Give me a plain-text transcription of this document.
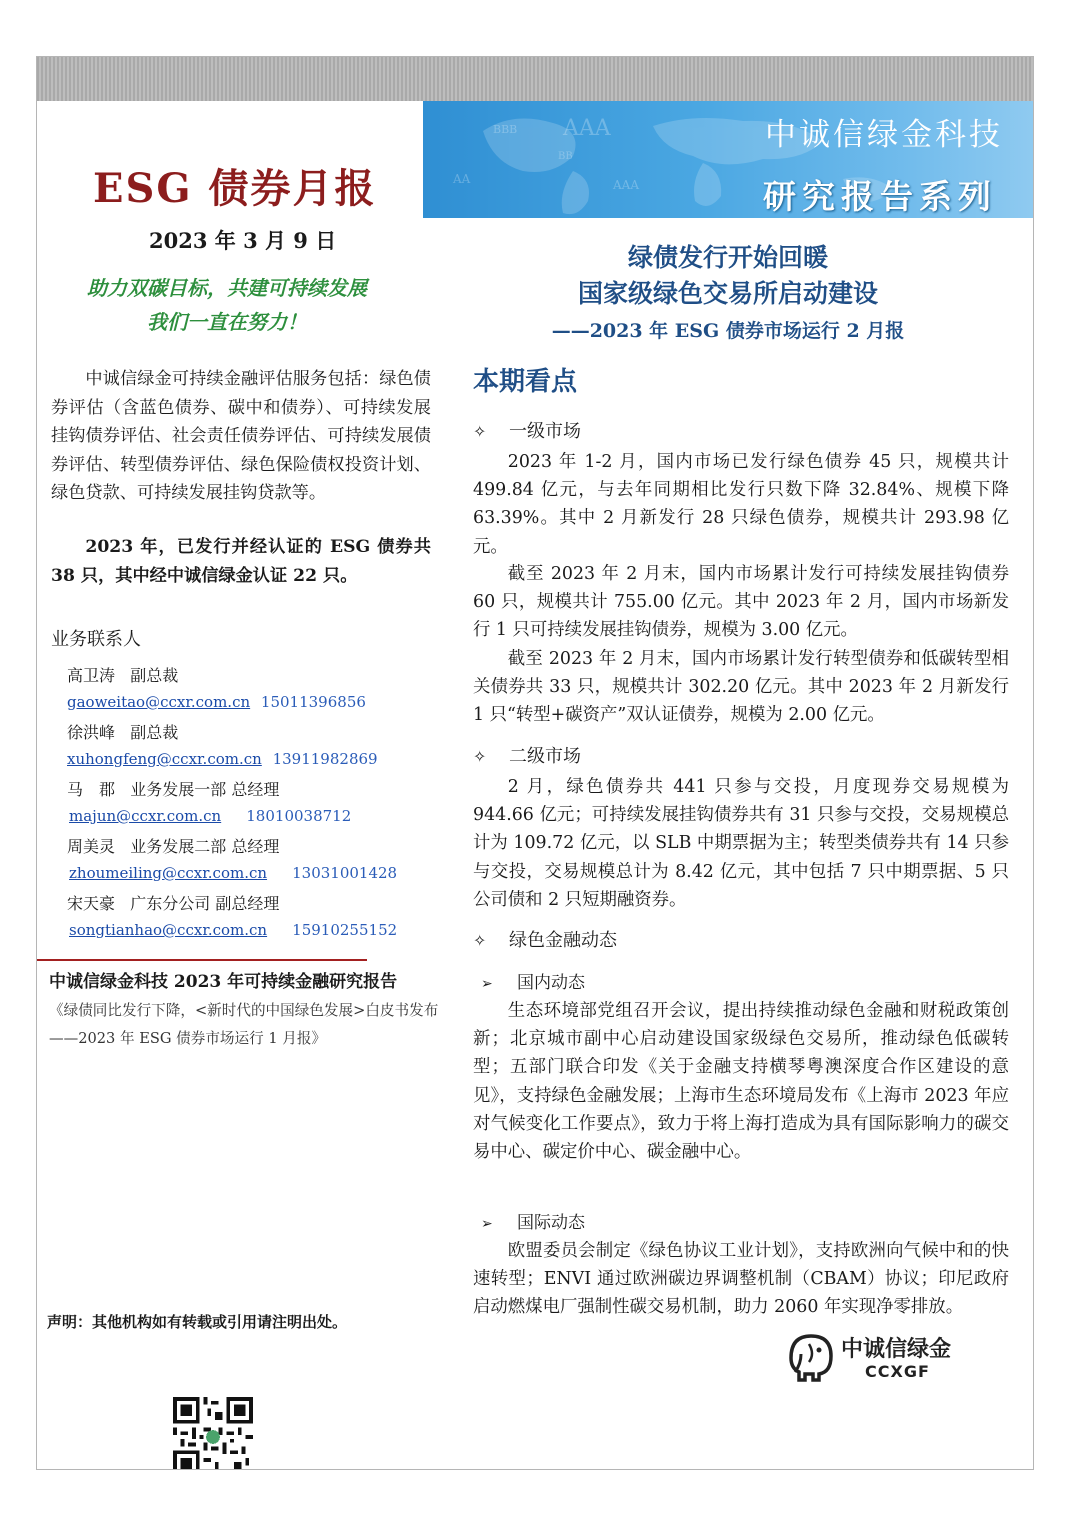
BBB AAA
BB
AAA
AA
中诚信绿金科技
研究报告系列
ESG 债券月报
2023 年 3 月 9 日
助力双碳目标，共建可持续发展
我们一直在努力！

中诚信绿金可持续金融评估服务包括：绿色债券评估（含蓝色债券、碳中和债券）、可持续发展挂钩债券评估、社会责任债券评估、可持续发展债券评估、转型债券评估、绿色保险债权投资计划、绿色贷款、可持续发展挂钩贷款等。

2023 年，已发行并经认证的 ESG 债券共 38 只，其中经中诚信绿金认证 22 只。

业务联系人
高卫涛 副总裁
gaoweitao@ccxr.com.cn 15011396856
徐洪峰 副总裁
xuhongfeng@ccxr.com.cn 13911982869
马　郡 业务发展一部 总经理
majun@ccxr.com.cn 18010038712
周美灵 业务发展二部 总经理
zhoumeiling@ccxr.com.cn 13031001428
宋天豪 广东分公司 副总经理
songtianhao@ccxr.com.cn 15910255152
中诚信绿金科技 2023 年可持续金融研究报告
《绿债同比发行下降，<新时代的中国绿色发展>白皮书发布——2023 年 ESG 债券市场运行 1 月报》
声明：其他机构如有转载或引用请注明出处。
绿债发行开始回暖
国家级绿色交易所启动建设
——2023 年 ESG 债券市场运行 2 月报
本期看点
✧ 一级市场

2023 年 1-2 月，国内市场已发行绿色债券 45 只，规模共计 499.84 亿元，与去年同期相比发行只数下降 32.84%、规模下降 63.39%。其中 2 月新发行 28 只绿色债券，规模共计 293.98 亿元。

截至 2023 年 2 月末，国内市场累计发行可持续发展挂钩债券 60 只，规模共计 755.00 亿元。其中 2023 年 2 月，国内市场新发行 1 只可持续发展挂钩债券，规模为 3.00 亿元。

截至 2023 年 2 月末，国内市场累计发行转型债券和低碳转型相关债券共 33 只，规模共计 302.20 亿元。其中 2023 年 2 月新发行 1 只“转型+碳资产”双认证债券，规模为 2.00 亿元。

✧ 二级市场

2 月，绿色债券共 441 只参与交投，月度现券交易规模为 944.66 亿元；可持续发展挂钩债券共有 31 只参与交投，交易规模总计为 109.72 亿元，以 SLB 中期票据为主；转型类债券共有 14 只参与交投，交易规模总计为 8.42 亿元，其中包括 7 只中期票据、5 只公司债和 2 只短期融资券。

✧ 绿色金融动态
➢ 国内动态

生态环境部党组召开会议，提出持续推动绿色金融和财税政策创新；北京城市副中心启动建设国家级绿色交易所，推动绿色低碳转型；五部门联合印发《关于金融支持横琴粤澳深度合作区建设的意见》，支持绿色金融发展；上海市生态环境局发布《上海市 2023 年应对气候变化工作要点》，致力于将上海打造成为具有国际影响力的碳交易中心、碳定价中心、碳金融中心。

➢ 国际动态

欧盟委员会制定《绿色协议工业计划》，支持欧洲向气候中和的快速转型；ENVI 通过欧洲碳边界调整机制（CBAM）协议；印尼政府启动燃煤电厂强制性碳交易机制，助力 2060 年实现净零排放。

中诚信绿金
CCXGF
